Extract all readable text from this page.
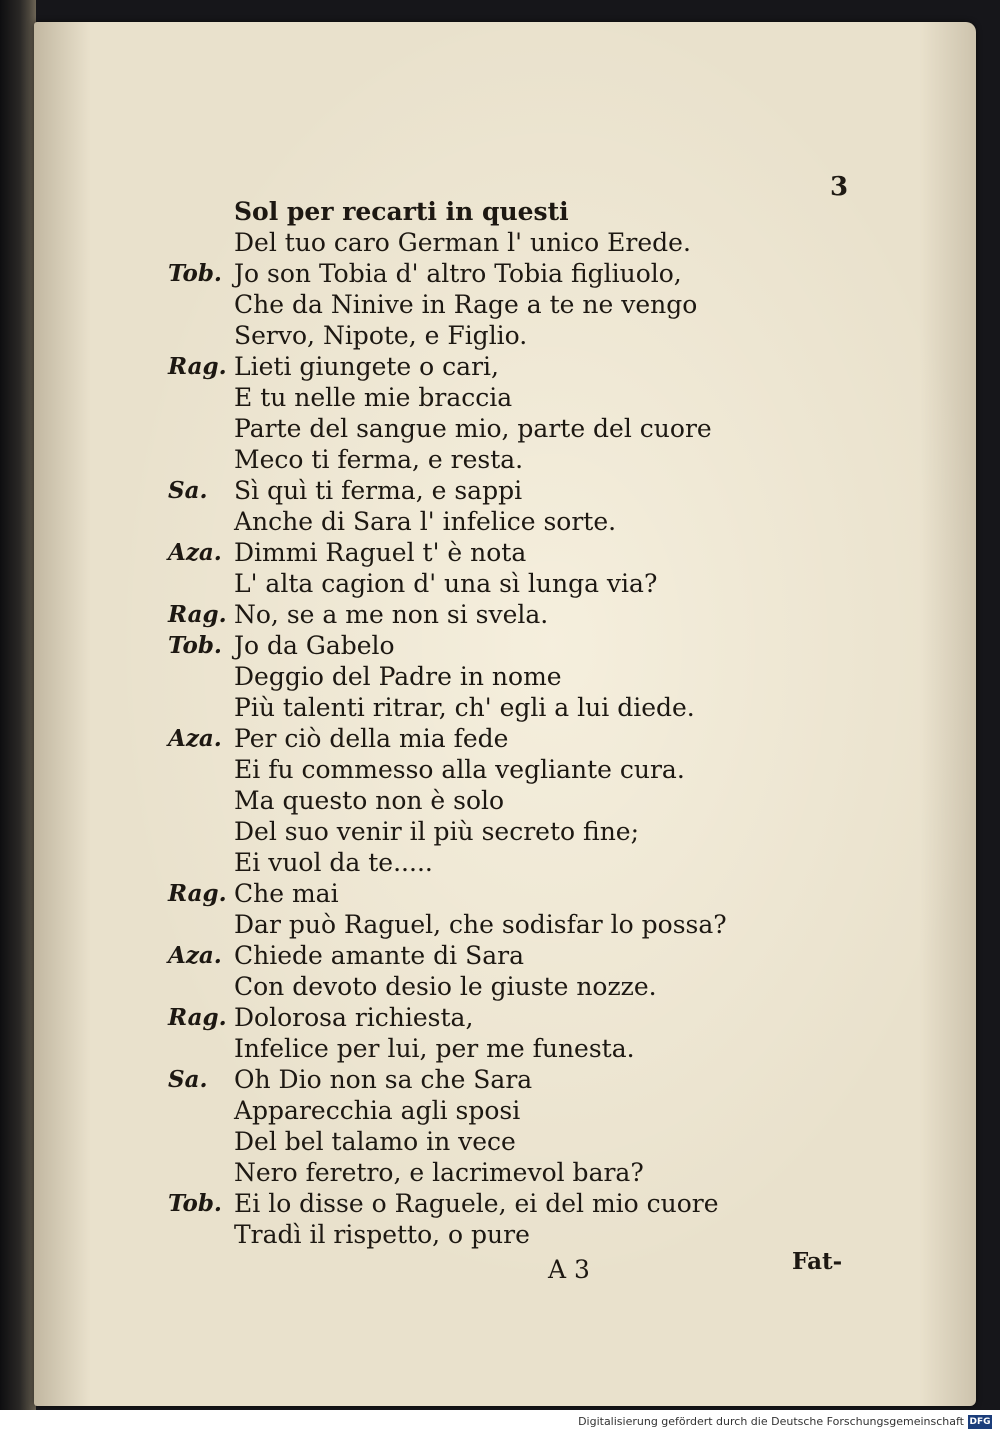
3
Sol per recarti in questi
Del tuo caro German l' unico Erede.
Tob. Jo son Tobia d' altro Tobia figliuolo,
Che da Ninive in Rage a te ne vengo
Servo, Nipote, e Figlio.
Rag. Lieti giungete o cari,
E tu nelle mie braccia
Parte del sangue mio, parte del cuore
Meco ti ferma, e resta.
Sa. Sì quì ti ferma, e sappi
Anche di Sara l' infelice sorte.
Aza. Dimmi Raguel t' è nota
L' alta cagion d' una sì lunga via?
Rag. No, se a me non si svela.
Tob. Jo da Gabelo
Deggio del Padre in nome
Più talenti ritrar, ch' egli a lui diede.
Aza. Per ciò della mia fede
Ei fu commesso alla vegliante cura.
Ma questo non è solo
Del suo venir il più secreto fine;
Ei vuol da te.....
Rag. Che mai
Dar può Raguel, che sodisfar lo possa?
Aza. Chiede amante di Sara
Con devoto desio le giuste nozze.
Rag. Dolorosa richiesta,
Infelice per lui, per me funesta.
Sa. Oh Dio non sa che Sara
Apparecchia agli sposi
Del bel talamo in vece
Nero feretro, e lacrimevol bara?
Tob. Ei lo disse o Raguele, ei del mio cuore
Tradì il rispetto, o pure
A 3	Fat-
Digitalisierung gefördert durch die Deutsche Forschungsgemeinschaft DFG
